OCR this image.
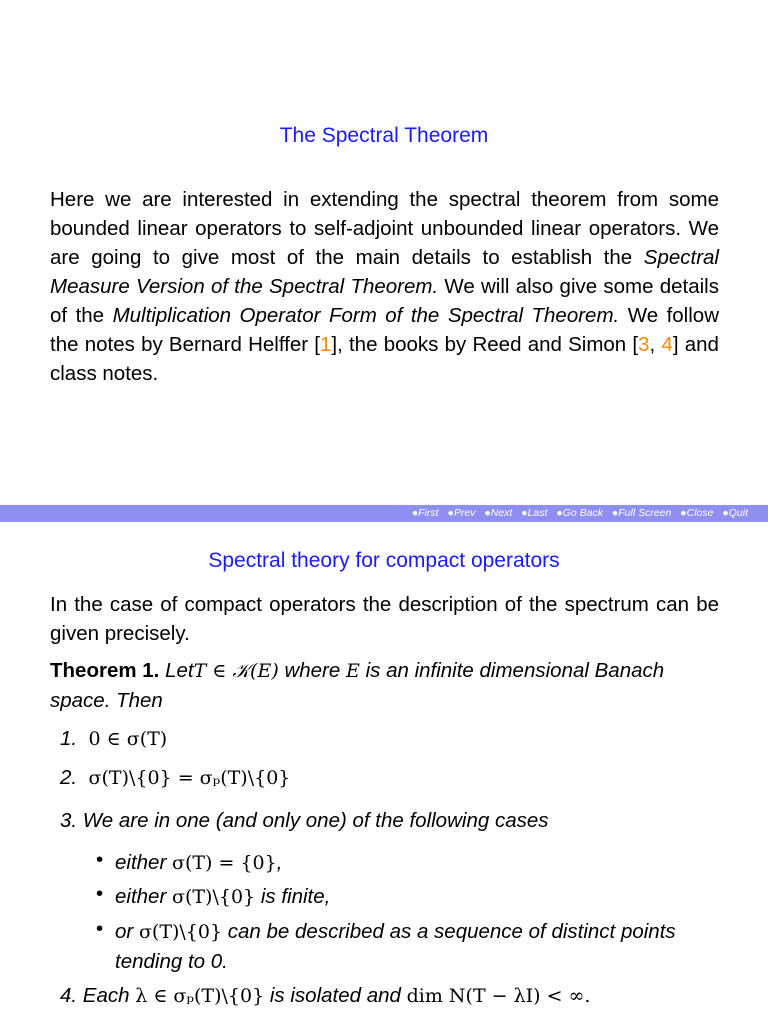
The Spectral Theorem
Here we are interested in extending the spectral theorem from some bounded linear operators to self-adjoint unbounded linear operators. We are going to give most of the main details to establish the Spectral Measure Version of the Spectral Theorem. We will also give some details of the Multiplication Operator Form of the Spectral Theorem. We follow the notes by Bernard Helffer [1], the books by Reed and Simon [3, 4] and class notes.
●First ●Prev ●Next ●Last ●Go Back ●Full Screen ●Close ●Quit
Spectral theory for compact operators
In the case of compact operators the description of the spectrum can be given precisely.
Theorem 1. LetT ∈ 𝒦(E) where E is an infinite dimensional Banach space. Then
1. 0 ∈ σ(T)
2. σ(T)\{0} = σₚ(T)\{0}
3. We are in one (and only one) of the following cases
• either σ(T) = {0},
• either σ(T)\{0} is finite,
• or σ(T)\{0} can be described as a sequence of distinct points tending to 0.
4. Each λ ∈ σₚ(T)\{0} is isolated and dim N(T − λI) < ∞.
